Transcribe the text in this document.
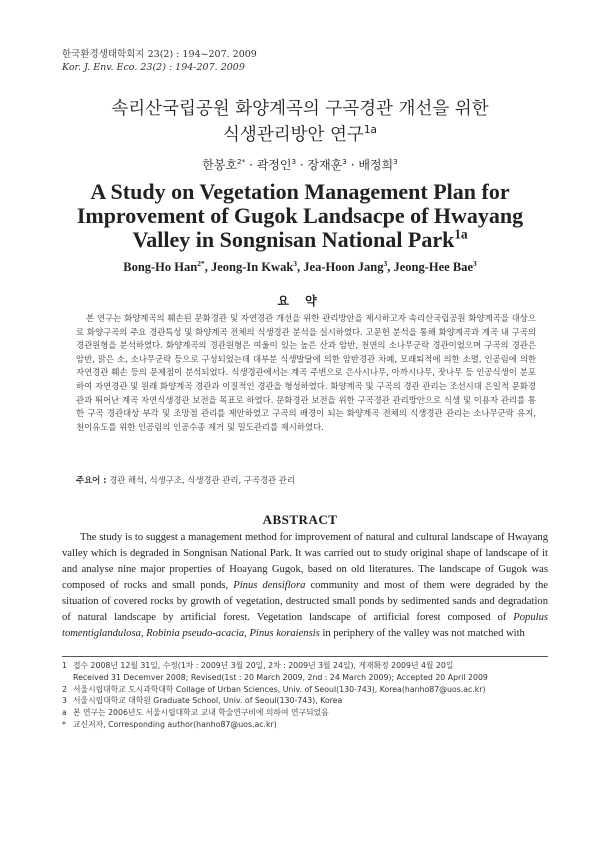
한국환경생태학회지 23(2) : 194~207. 2009
Kor. J. Env. Eco. 23(2) : 194-207. 2009
속리산국립공원 화양계곡의 구곡경관 개선을 위한
식생관리방안 연구$^{1a}$
한봉호$^{2*}$ · 곽정인$^3$ · 장재훈$^3$ · 배정희$^3$
A Study on Vegetation Management Plan for
Improvement of Gugok Landsacpe of Hwayang
Valley in Songnisan National Park$^{1a}$
Bong-Ho Han$^{2*}$, Jeong-In Kwak$^3$, Jea-Hoon Jang$^3$, Jeong-Hee Bae$^3$
요 약
본 연구는 화양계곡의 훼손된 문화경관 및 자연경관 개선을 위한 관리방안을 제시하고자 속리산국립공원 화양계곡을 대상으로 화양구곡의 주요 경관특성 및 화양계곡 전체의 식생경관 분석을 실시하였다. 고문헌 분석을 통해 화양계곡과 계곡 내 구곡의 경관원형을 분석하였다. 화양계곡의 경관원형은 여울이 있는 높은 산과 암반, 천연의 소나무군락 경관이었으며 구곡의 경관은 암반, 맑은 소, 소나무군락 등으로 구성되었는데 대부분 식생발달에 의한 암반경관 차폐, 모래퇴적에 의한 소멸, 인공림에 의한 자연경관 훼손 등의 문제점이 분석되었다. 식생경관에서는 계곡 주변으로 은사시나무, 아까시나무, 잣나무 등 인공식생이 분포하여 자연경관 및 원래 화양계곡 경관과 이질적인 경관을 형성하였다. 화양계곡 및 구곡의 경관 관리는 조선시대 은일적 문화경관과 뛰어난 계곡 자연식생경관 보전을 목표로 하였다. 문화경관 보전을 위한 구곡경관 관리방안으로 식생 및 이용자 관리를 통한 구곡 경관대상 부각 및 조망점 관리를 제안하였고 구곡의 배경이 되는 화양계곡 전체의 식생경관 관리는 소나무군락 유지, 천이유도를 위한 인공림의 인공수종 제거 및 밀도관리를 제시하였다.
주요어 : 경관 해석, 식생구조, 식생경관 관리, 구곡경관 관리
ABSTRACT
The study is to suggest a management method for improvement of natural and cultural landscape of Hwayang valley which is degraded in Songnisan National Park. It was carried out to study original shape of landscape of it and analyse nine major properties of Hoayang Gugok, based on old literatures. The landscape of Gugok was composed of rocks and small ponds, Pinus densiflora community and most of them were degraded by the situation of covered rocks by growth of vegetation, destructed small ponds by sedimented sands and degradation of natural landscape by artificial forest. Vegetation landscape of artificial forest composed of Populus tomentiglandulosa, Robinia pseudo-acacia, Pinus koraiensis in periphery of the valley was not matched with
1 접수 2008년 12월 31일, 수정(1차 : 2009년 3월 20일, 2차 : 2009년 3월 24일), 게재확정 2009년 4월 20일
Received 31 Decemver 2008; Revised(1st : 20 March 2009, 2nd : 24 March 2009); Accepted 20 April 2009
2 서울시립대학교 도시과학대학 Collage of Urban Sciences, Univ. of Seoul(130-743), Korea(hanho87@uos.ac.kr)
3 서울시립대학교 대학원 Graduate School, Univ. of Seoul(130-743), Korea
a 본 연구는 2006년도 서울시립대학교 교내 학술연구비에 의하여 연구되었음
* 교신저자, Corresponding author(hanho87@uos.ac.kr)
